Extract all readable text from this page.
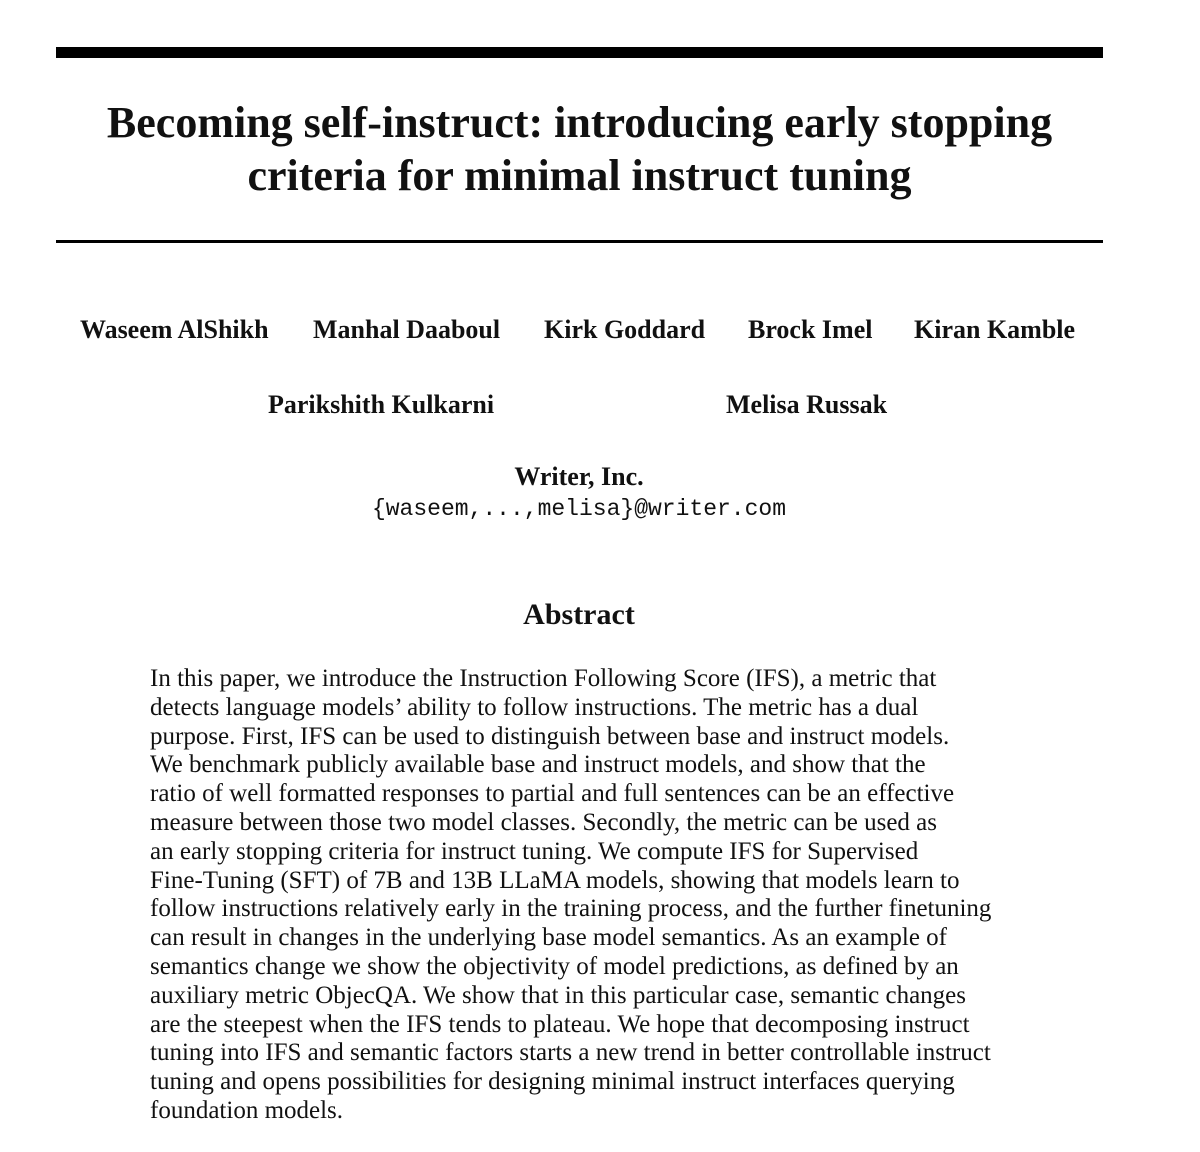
Becoming self-instruct: introducing early stopping
criteria for minimal instruct tuning
Waseem AlShikh Manhal Daaboul Kirk Goddard Brock Imel Kiran Kamble
Parikshith Kulkarni	Melisa Russak
Writer, Inc.
{waseem,...,melisa}@writer.com
Abstract
In this paper, we introduce the Instruction Following Score (IFS), a metric that
detects language models’ ability to follow instructions. The metric has a dual
purpose. First, IFS can be used to distinguish between base and instruct models.
We benchmark publicly available base and instruct models, and show that the
ratio of well formatted responses to partial and full sentences can be an effective
measure between those two model classes. Secondly, the metric can be used as
an early stopping criteria for instruct tuning. We compute IFS for Supervised
Fine-Tuning (SFT) of 7B and 13B LLaMA models, showing that models learn to
follow instructions relatively early in the training process, and the further finetuning
can result in changes in the underlying base model semantics. As an example of
semantics change we show the objectivity of model predictions, as defined by an
auxiliary metric ObjecQA. We show that in this particular case, semantic changes
are the steepest when the IFS tends to plateau. We hope that decomposing instruct
tuning into IFS and semantic factors starts a new trend in better controllable instruct
tuning and opens possibilities for designing minimal instruct interfaces querying
foundation models.
